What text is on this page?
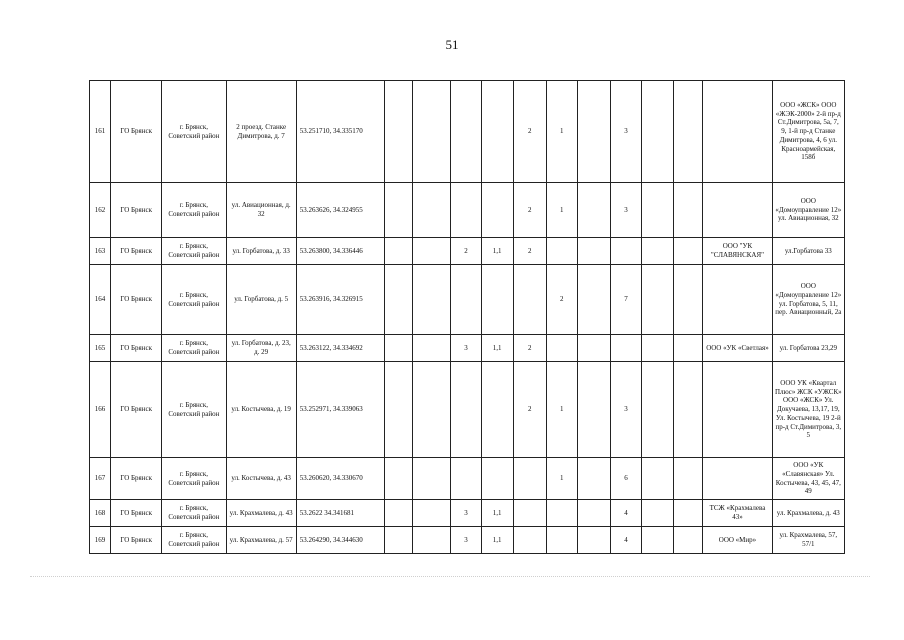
51
161	ГО Брянск	г. Брянск, Советский район	2 проезд. Станке Димитрова, д. 7	53.251710, 34.335170					2	1		3				ООО «ЖСК» ООО «ЖЭК-2000» 2-й пр-д Ст.Димитрова, 5а, 7, 9, 1-й пр-д Станке Димитрова, 4, 6 ул. Красноармейская, 158б
162	ГО Брянск	г. Брянск, Советский район	ул. Авиационная, д. 32	53.263626, 34.324955					2	1		3				ООО «Домоуправление 12» ул. Авиационная, 32
163	ГО Брянск	г. Брянск, Советский район	ул. Горбатова, д. 33	53.263800, 34.336446			2	1,1	2						ООО "УК "СЛАВЯНСКАЯ"	ул.Горбатова 33
164	ГО Брянск	г. Брянск, Советский район	ул. Горбатова, д. 5	53.263916, 34.326915						2		7				ООО «Домоуправление 12» ул. Горбатова, 5, 11, пер. Авиационный, 2а
165	ГО Брянск	г. Брянск, Советский район	ул. Горбатова, д. 23, д. 29	53.263122, 34.334692			3	1,1	2						ООО «УК «Светлая»	ул. Горбатова 23,29
166	ГО Брянск	г. Брянск, Советский район	ул. Костычева, д. 19	53.252971, 34.339063					2	1		3				ООО УК «Квартал Плюс» ЖСК «УЖСК» ООО «ЖСК» Ул. Докучаева, 13,17, 19, Ул. Костычева, 19 2-й пр-д Ст.Димитрова, 3, 5
167	ГО Брянск	г. Брянск, Советский район	ул. Костычева, д. 43	53.260620, 34.330670						1		6				ООО «УК «Славянская» Ул. Костычева, 43, 45, 47, 49
168	ГО Брянск	г. Брянск, Советский район	ул. Крахмалева, д. 43	53.2622 34.341681			3	1,1				4			ТСЖ «Крахмалева 43»	ул. Крахмалева, д. 43
169	ГО Брянск	г. Брянск, Советский район	ул. Крахмалева, д. 57	53.264290, 34.344630			3	1,1				4			ООО «Мир»	ул. Крахмалева, 57, 57/1
